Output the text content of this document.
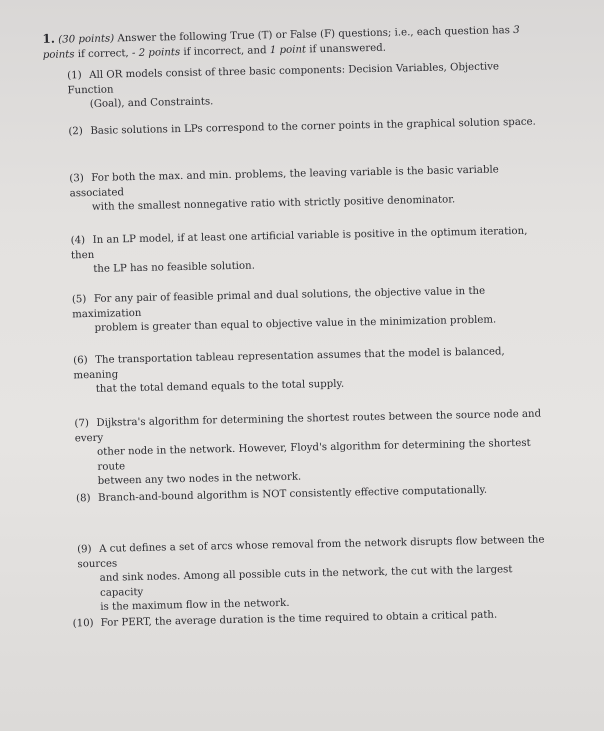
1. (30 points) Answer the following True (T) or False (F) questions; i.e., each question has 3
points if correct, - 2 points if incorrect, and 1 point if unanswered.
(1) All OR models consist of three basic components: Decision Variables, Objective Function
(Goal), and Constraints.
(2) Basic solutions in LPs correspond to the corner points in the graphical solution space.
(3) For both the max. and min. problems, the leaving variable is the basic variable associated
with the smallest nonnegative ratio with strictly positive denominator.
(4) In an LP model, if at least one artificial variable is positive in the optimum iteration, then
the LP has no feasible solution.
(5) For any pair of feasible primal and dual solutions, the objective value in the maximization
problem is greater than equal to objective value in the minimization problem.
(6) The transportation tableau representation assumes that the model is balanced, meaning
that the total demand equals to the total supply.
(7) Dijkstra's algorithm for determining the shortest routes between the source node and every
other node in the network. However, Floyd's algorithm for determining the shortest route
between any two nodes in the network.
(8) Branch-and-bound algorithm is NOT consistently effective computationally.
(9) A cut defines a set of arcs whose removal from the network disrupts flow between the sources
and sink nodes. Among all possible cuts in the network, the cut with the largest capacity
is the maximum flow in the network.
(10) For PERT, the average duration is the time required to obtain a critical path.
